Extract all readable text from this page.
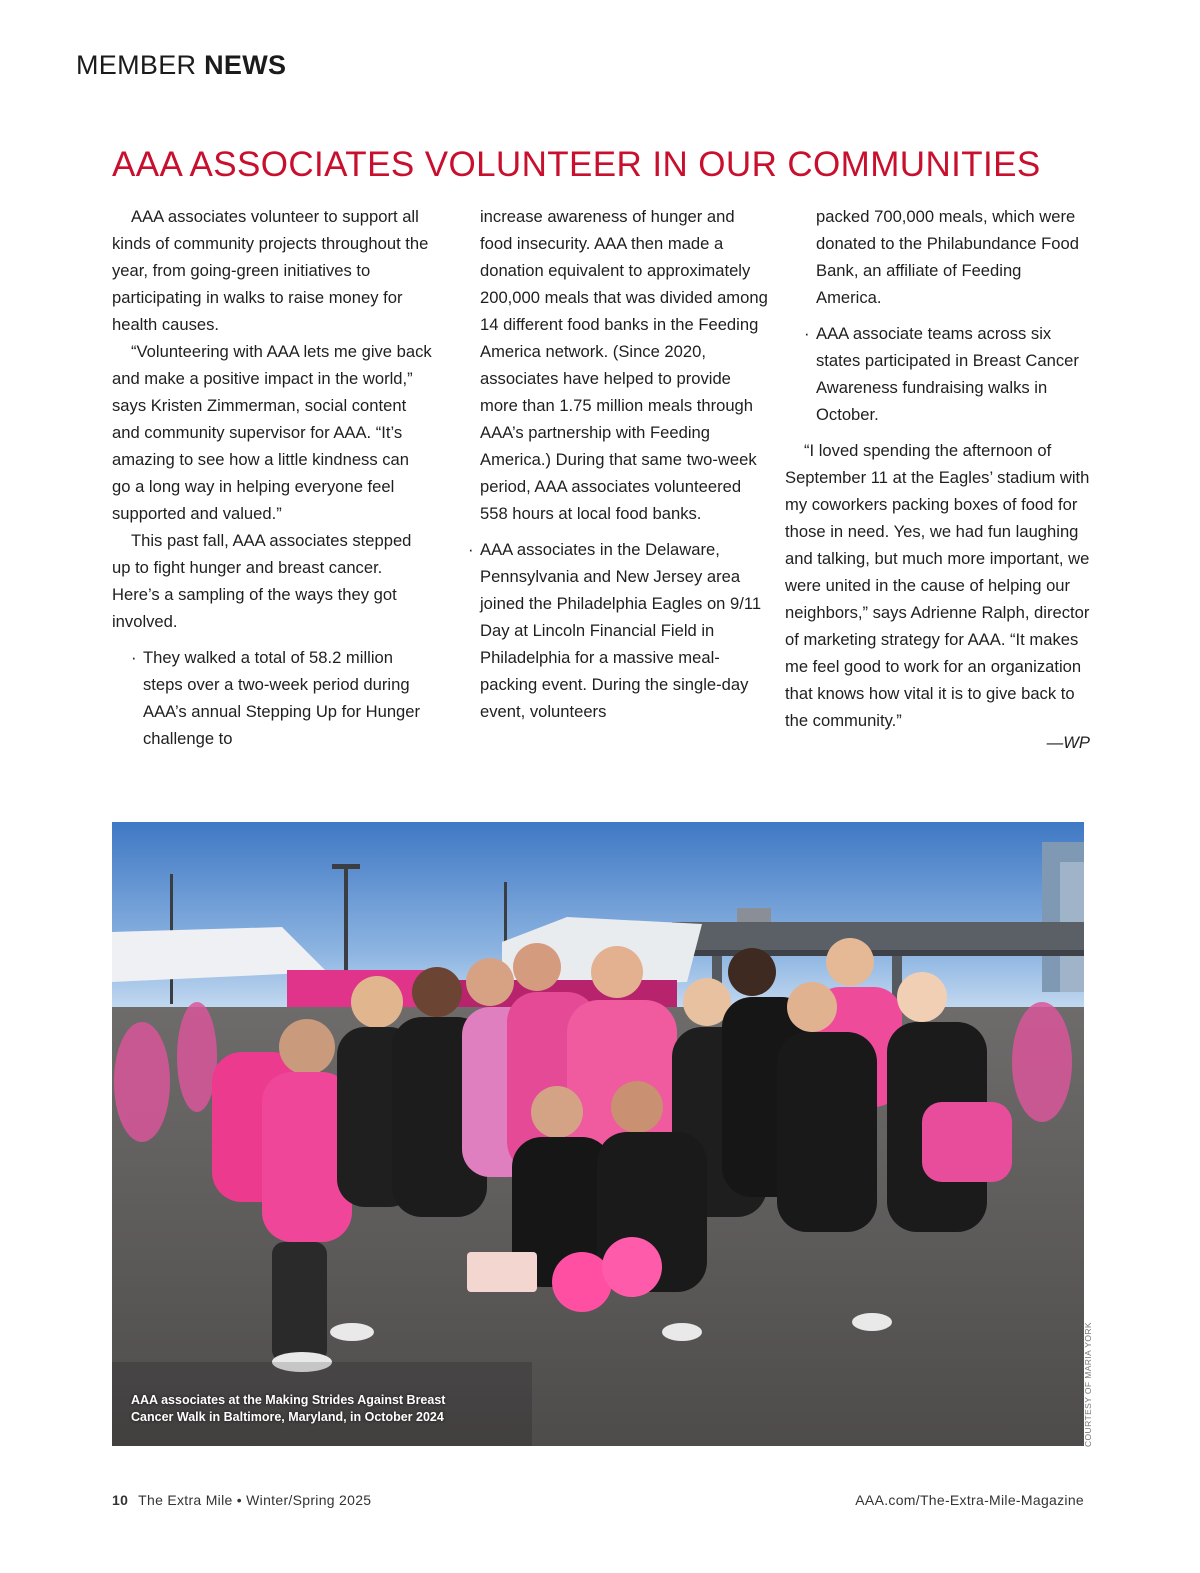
MEMBER NEWS
AAA ASSOCIATES VOLUNTEER IN OUR COMMUNITIES

AAA associates volunteer to support all kinds of community projects throughout the year, from going-green initiatives to participating in walks to raise money for health causes.

“Volunteering with AAA lets me give back and make a positive impact in the world,” says Kristen Zimmerman, social content and community supervisor for AAA. “It’s amazing to see how a little kindness can go a long way in helping everyone feel supported and valued.”

This past fall, AAA associates stepped up to fight hunger and breast cancer. Here’s a sampling of the ways they got involved.

· They walked a total of 58.2 million steps over a two-week period during AAA’s annual Stepping Up for Hunger challenge to

increase awareness of hunger and food insecurity. AAA then made a donation equivalent to approximately 200,000 meals that was divided among 14 different food banks in the Feeding America network. (Since 2020, associates have helped to provide more than 1.75 million meals through AAA’s partnership with Feeding America.) During that same two-week period, AAA associates volunteered 558 hours at local food banks.

· AAA associates in the Delaware, Pennsylvania and New Jersey area joined the Philadelphia Eagles on 9/11 Day at Lincoln Financial Field in Philadelphia for a massive meal-packing event. During the single-day event, volunteers

packed 700,000 meals, which were donated to the Philabundance Food Bank, an affiliate of Feeding America.

· AAA associate teams across six states participated in Breast Cancer Awareness fundraising walks in October.

“I loved spending the afternoon of September 11 at the Eagles’ stadium with my coworkers packing boxes of food for those in need. Yes, we had fun laughing and talking, but much more important, we were united in the cause of helping our neighbors,” says Adrienne Ralph, director of marketing strategy for AAA. “It makes me feel good to work for an organization that knows how vital it is to give back to the community.”

—WP

AAA associates at the Making Strides Against Breast
Cancer Walk in Baltimore, Maryland, in October 2024	COURTESY OF MARIA YORK
10 The Extra Mile • Winter/Spring 2025	AAA.com/The-Extra-Mile-Magazine
